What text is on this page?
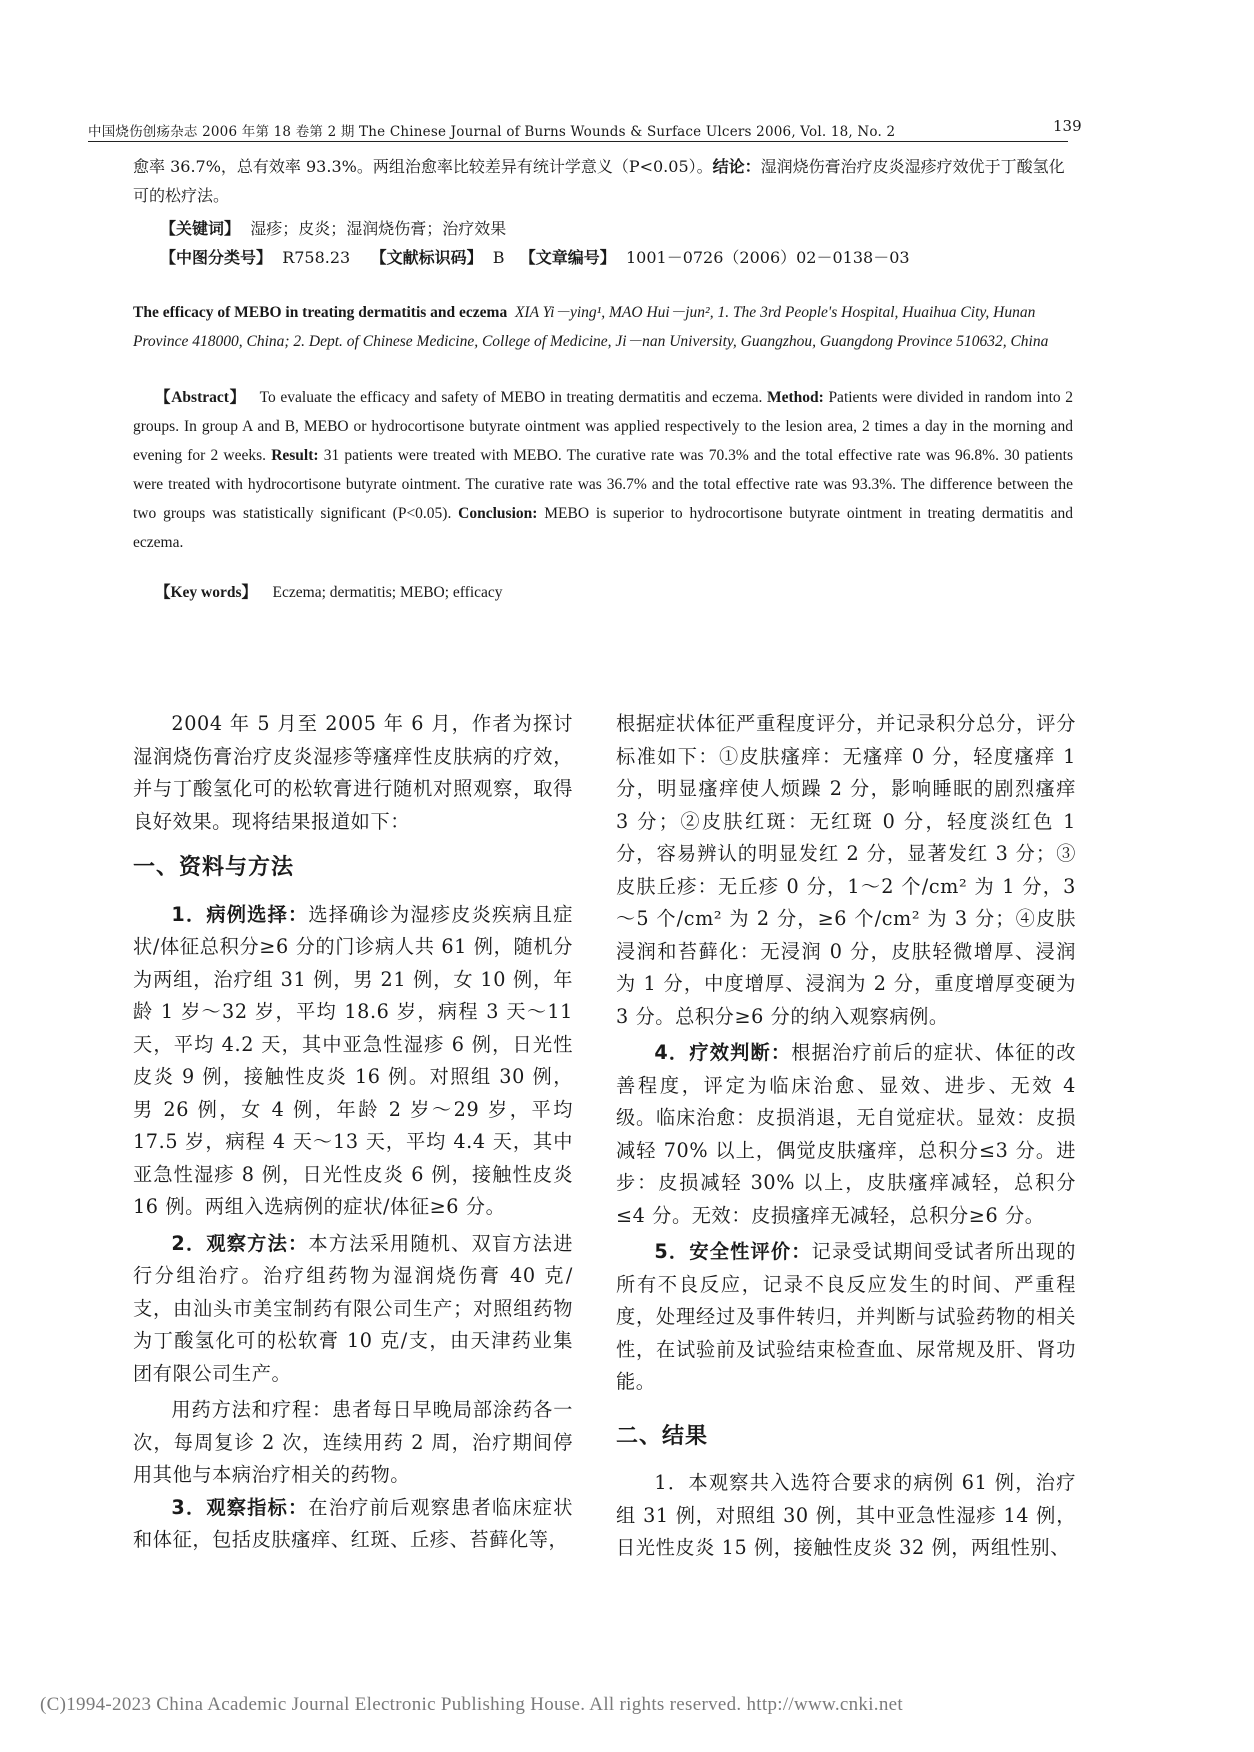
中国烧伤创疡杂志 2006 年第 18 卷第 2 期 The Chinese Journal of Burns Wounds & Surface Ulcers 2006, Vol. 18, No. 2	139
愈率 36.7%，总有效率 93.3%。两组治愈率比较差异有统计学意义（P<0.05）。结论：湿润烧伤膏治疗皮炎湿疹疗效优于丁酸氢化可的松疗法。
【关键词】 湿疹；皮炎；湿润烧伤膏；治疗效果
【中图分类号】 R758.23 【文献标识码】 B 【文章编号】 1001－0726（2006）02－0138－03
The efficacy of MEBO in treating dermatitis and eczema XIA Yi－ying¹, MAO Hui－jun², 1. The 3rd People's Hospital, Huaihua City, Hunan Province 418000, China; 2. Dept. of Chinese Medicine, College of Medicine, Ji－nan University, Guangzhou, Guangdong Province 510632, China
【Abstract】 To evaluate the efficacy and safety of MEBO in treating dermatitis and eczema. Method: Patients were divided in random into 2 groups. In group A and B, MEBO or hydrocortisone butyrate ointment was applied respectively to the lesion area, 2 times a day in the morning and evening for 2 weeks. Result: 31 patients were treated with MEBO. The curative rate was 70.3% and the total effective rate was 96.8%. 30 patients were treated with hydrocortisone butyrate ointment. The curative rate was 36.7% and the total effective rate was 93.3%. The difference between the two groups was statistically significant (P<0.05). Conclusion: MEBO is superior to hydrocortisone butyrate ointment in treating dermatitis and eczema.
【Key words】 Eczema; dermatitis; MEBO; efficacy

2004 年 5 月至 2005 年 6 月，作者为探讨湿润烧伤膏治疗皮炎湿疹等瘙痒性皮肤病的疗效，并与丁酸氢化可的松软膏进行随机对照观察，取得良好效果。现将结果报道如下：

一、资料与方法

1．病例选择：选择确诊为湿疹皮炎疾病且症状/体征总积分≥6 分的门诊病人共 61 例，随机分为两组，治疗组 31 例，男 21 例，女 10 例，年龄 1 岁～32 岁，平均 18.6 岁，病程 3 天～11 天，平均 4.2 天，其中亚急性湿疹 6 例，日光性皮炎 9 例，接触性皮炎 16 例。对照组 30 例，男 26 例，女 4 例，年龄 2 岁～29 岁，平均 17.5 岁，病程 4 天～13 天，平均 4.4 天，其中亚急性湿疹 8 例，日光性皮炎 6 例，接触性皮炎 16 例。两组入选病例的症状/体征≥6 分。

2．观察方法：本方法采用随机、双盲方法进行分组治疗。治疗组药物为湿润烧伤膏 40 克/支，由汕头市美宝制药有限公司生产；对照组药物为丁酸氢化可的松软膏 10 克/支，由天津药业集团有限公司生产。

用药方法和疗程：患者每日早晚局部涂药各一次，每周复诊 2 次，连续用药 2 周，治疗期间停用其他与本病治疗相关的药物。

3．观察指标：在治疗前后观察患者临床症状和体征，包括皮肤瘙痒、红斑、丘疹、苔藓化等，

根据症状体征严重程度评分，并记录积分总分，评分标准如下：①皮肤瘙痒：无瘙痒 0 分，轻度瘙痒 1 分，明显瘙痒使人烦躁 2 分，影响睡眠的剧烈瘙痒 3 分；②皮肤红斑：无红斑 0 分，轻度淡红色 1 分，容易辨认的明显发红 2 分，显著发红 3 分；③皮肤丘疹：无丘疹 0 分，1～2 个/cm² 为 1 分，3～5 个/cm² 为 2 分，≥6 个/cm² 为 3 分；④皮肤浸润和苔藓化：无浸润 0 分，皮肤轻微增厚、浸润为 1 分，中度增厚、浸润为 2 分，重度增厚变硬为 3 分。总积分≥6 分的纳入观察病例。

4．疗效判断：根据治疗前后的症状、体征的改善程度，评定为临床治愈、显效、进步、无效 4 级。临床治愈：皮损消退，无自觉症状。显效：皮损减轻 70% 以上，偶觉皮肤瘙痒，总积分≤3 分。进步：皮损减轻 30% 以上，皮肤瘙痒减轻，总积分≤4 分。无效：皮损瘙痒无减轻，总积分≥6 分。

5．安全性评价：记录受试期间受试者所出现的所有不良反应，记录不良反应发生的时间、严重程度，处理经过及事件转归，并判断与试验药物的相关性，在试验前及试验结束检查血、尿常规及肝、肾功能。

二、结果

1．本观察共入选符合要求的病例 61 例，治疗组 31 例，对照组 30 例，其中亚急性湿疹 14 例，日光性皮炎 15 例，接触性皮炎 32 例，两组性别、

(C)1994-2023 China Academic Journal Electronic Publishing House. All rights reserved. http://www.cnki.net
